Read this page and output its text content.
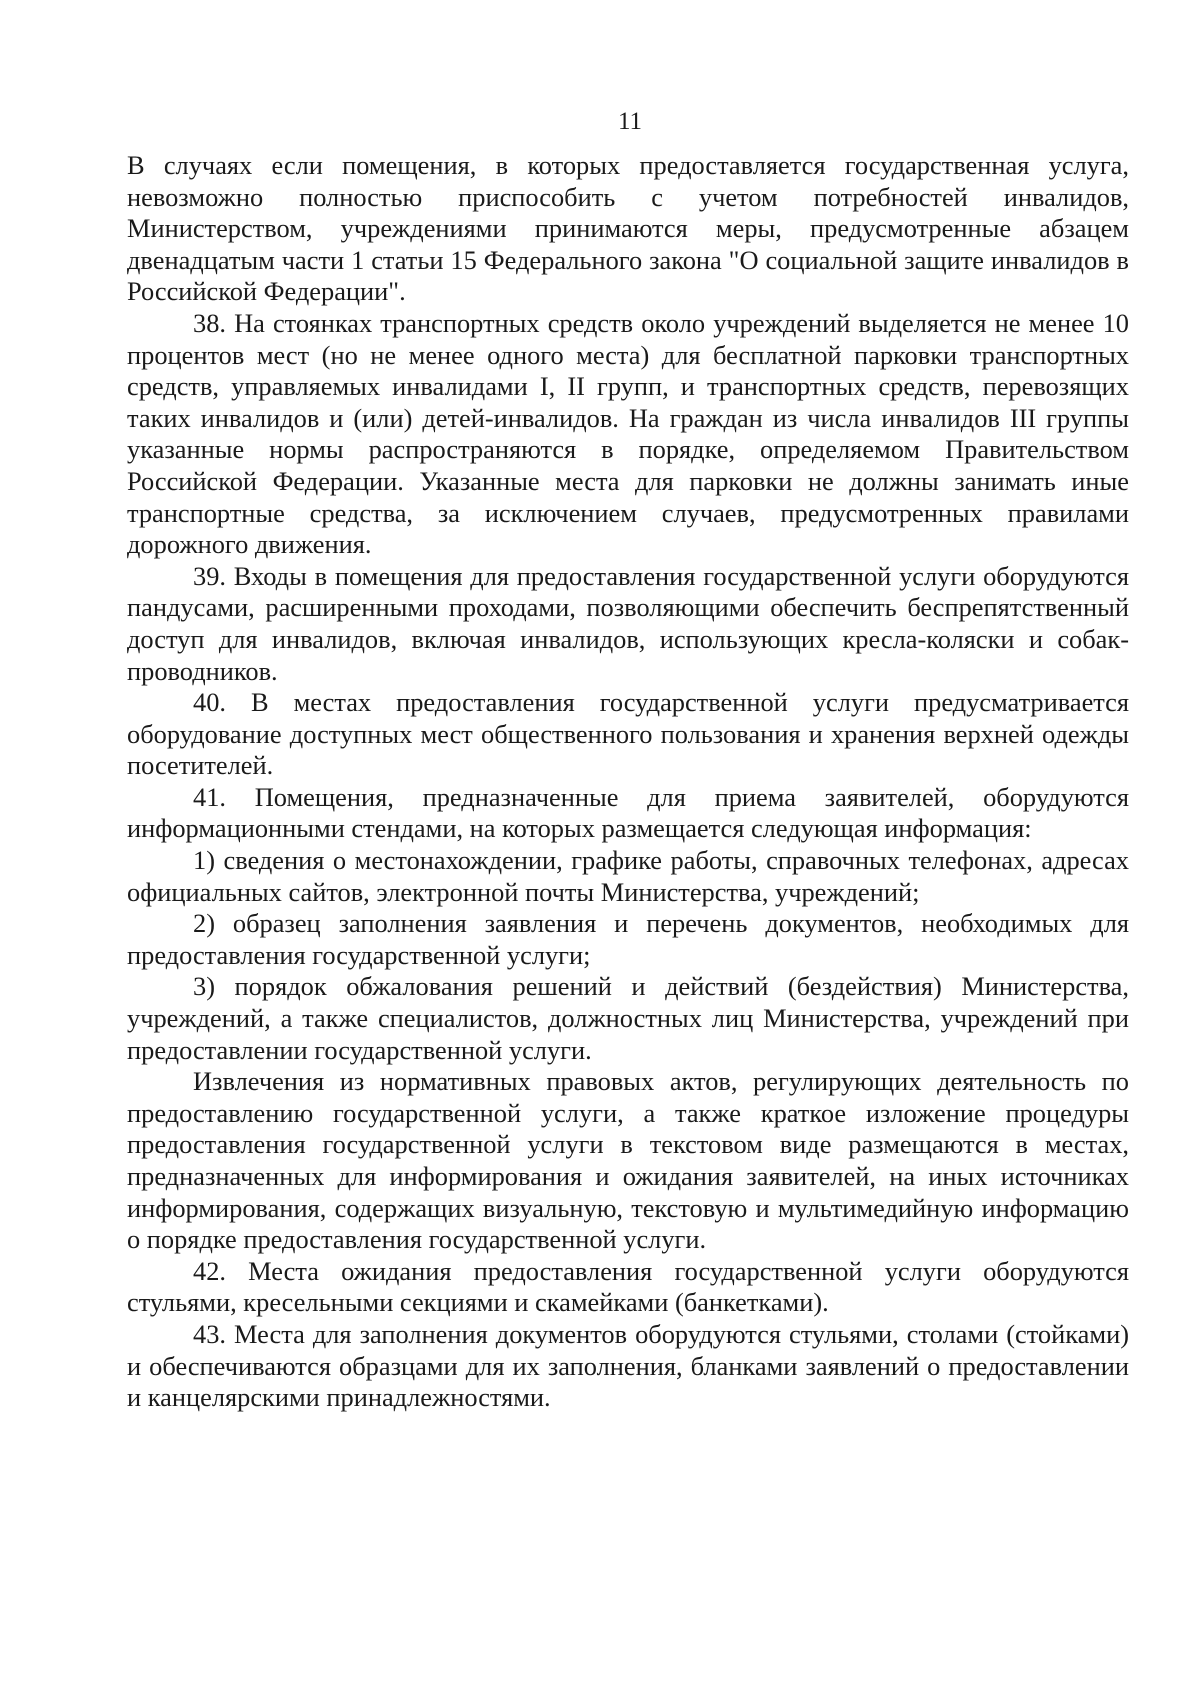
11

В случаях если помещения, в которых предоставляется государственная услуга, невозможно полностью приспособить с учетом потребностей инвалидов, Министерством, учреждениями принимаются меры, предусмотренные абзацем двенадцатым части 1 статьи 15 Федерального закона "О социальной защите инвалидов в Российской Федерации".

38. На стоянках транспортных средств около учреждений выделяется не менее 10 процентов мест (но не менее одного места) для бесплатной парковки транспортных средств, управляемых инвалидами I, II групп, и транспортных средств, перевозящих таких инвалидов и (или) детей-инвалидов. На граждан из числа инвалидов III группы указанные нормы распространяются в порядке, определяемом Правительством Российской Федерации. Указанные места для парковки не должны занимать иные транспортные средства, за исключением случаев, предусмотренных правилами дорожного движения.

39. Входы в помещения для предоставления государственной услуги оборудуются пандусами, расширенными проходами, позволяющими обеспечить беспрепятственный доступ для инвалидов, включая инвалидов, использующих кресла-коляски и собак-проводников.

40. В местах предоставления государственной услуги предусматривается оборудование доступных мест общественного пользования и хранения верхней одежды посетителей.

41. Помещения, предназначенные для приема заявителей, оборудуются информационными стендами, на которых размещается следующая информация:

1) сведения о местонахождении, графике работы, справочных телефонах, адресах официальных сайтов, электронной почты Министерства, учреждений;

2) образец заполнения заявления и перечень документов, необходимых для предоставления государственной услуги;

3) порядок обжалования решений и действий (бездействия) Министерства, учреждений, а также специалистов, должностных лиц Министерства, учреждений при предоставлении государственной услуги.

Извлечения из нормативных правовых актов, регулирующих деятельность по предоставлению государственной услуги, а также краткое изложение процедуры предоставления государственной услуги в текстовом виде размещаются в местах, предназначенных для информирования и ожидания заявителей, на иных источниках информирования, содержащих визуальную, текстовую и мультимедийную информацию о порядке предоставления государственной услуги.

42. Места ожидания предоставления государственной услуги оборудуются стульями, кресельными секциями и скамейками (банкетками).

43. Места для заполнения документов оборудуются стульями, столами (стойками) и обеспечиваются образцами для их заполнения, бланками заявлений о предоставлении и канцелярскими принадлежностями.
